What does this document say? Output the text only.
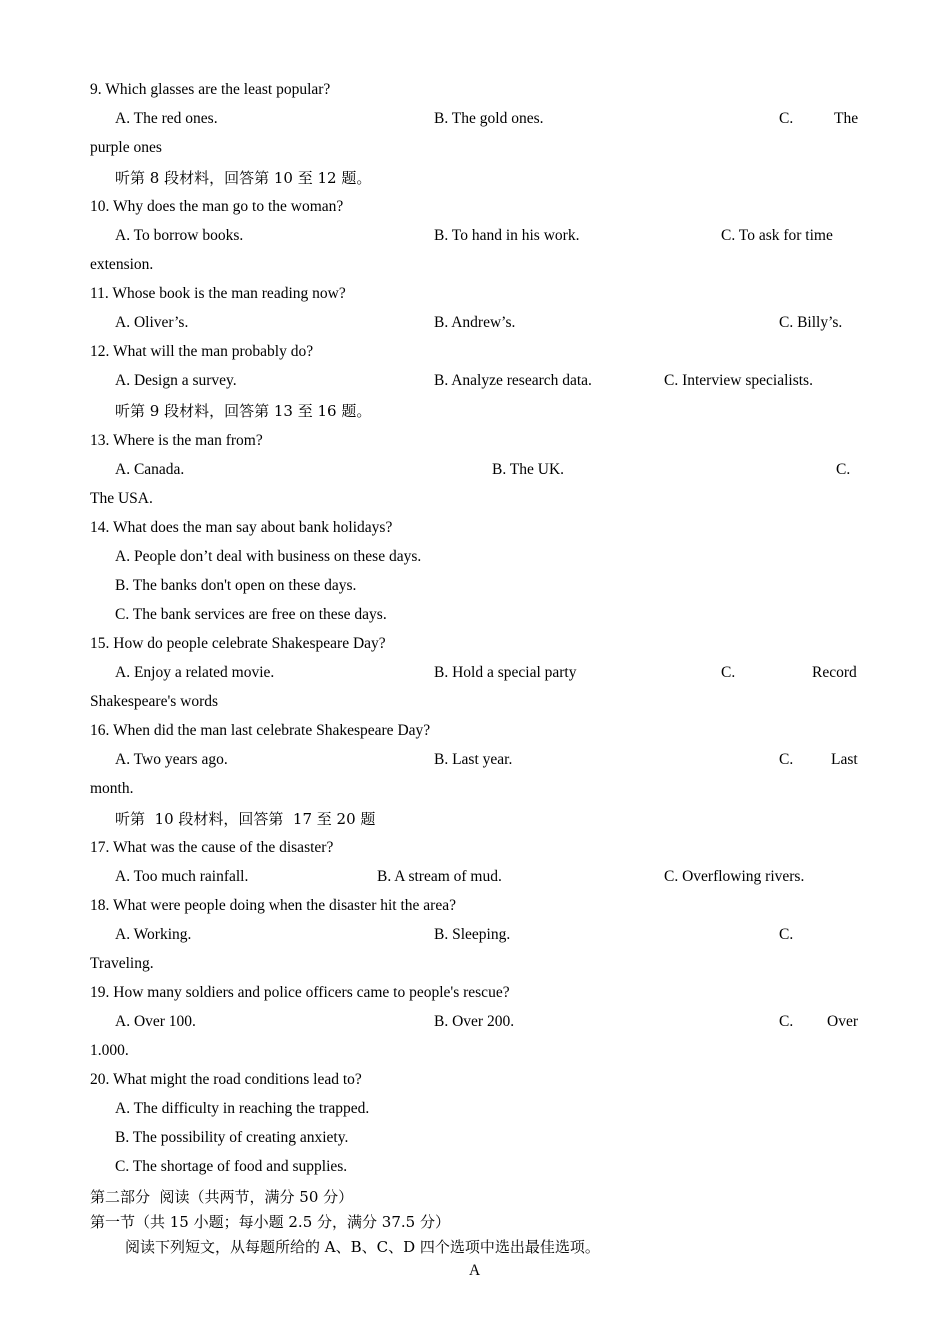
9. Which glasses are the least popular?
A. The red ones.	B. The gold ones.	C.	The
purple ones
听第 8 段材料，回答第 10 至 12 题。
10. Why does the man go to the woman?
A. To borrow books.	B. To hand in his work.	C. To ask for time
extension.
11. Whose book is the man reading now?
A. Oliver’s.	B. Andrew’s.	C. Billy’s.
12. What will the man probably do?
A. Design a survey.	B. Analyze research data.	C. Interview specialists.
听第 9 段材料，回答第 13 至 16 题。
13. Where is the man from?
A. Canada.	B. The UK.	C.
The USA.
14. What does the man say about bank holidays?
A. People don’t deal with business on these days.
B. The banks don't open on these days.
C. The bank services are free on these days.
15. How do people celebrate Shakespeare Day?
A. Enjoy a related movie.	B. Hold a special party	C.	Record
Shakespeare's words
16. When did the man last celebrate Shakespeare Day?
A. Two years ago.	B. Last year.	C. Last
month.
听第  10 段材料，回答第  17 至 20 题
17. What was the cause of the disaster?
A. Too much rainfall.	B. A stream of mud.	C. Overflowing rivers.
18. What were people doing when the disaster hit the area?
A. Working.	B. Sleeping.	C.
Traveling.
19. How many soldiers and police officers came to people's rescue?
A. Over 100.	B. Over 200.	C. Over
1.000.
20. What might the road conditions lead to?
A. The difficulty in reaching the trapped.
B. The possibility of creating anxiety.
C. The shortage of food and supplies.
第二部分  阅读（共两节，满分 50 分）
第一节（共 15 小题；每小题 2.5 分，满分 37.5 分）
阅读下列短文，从每题所给的 A、B、C、D 四个选项中选出最佳选项。
A
